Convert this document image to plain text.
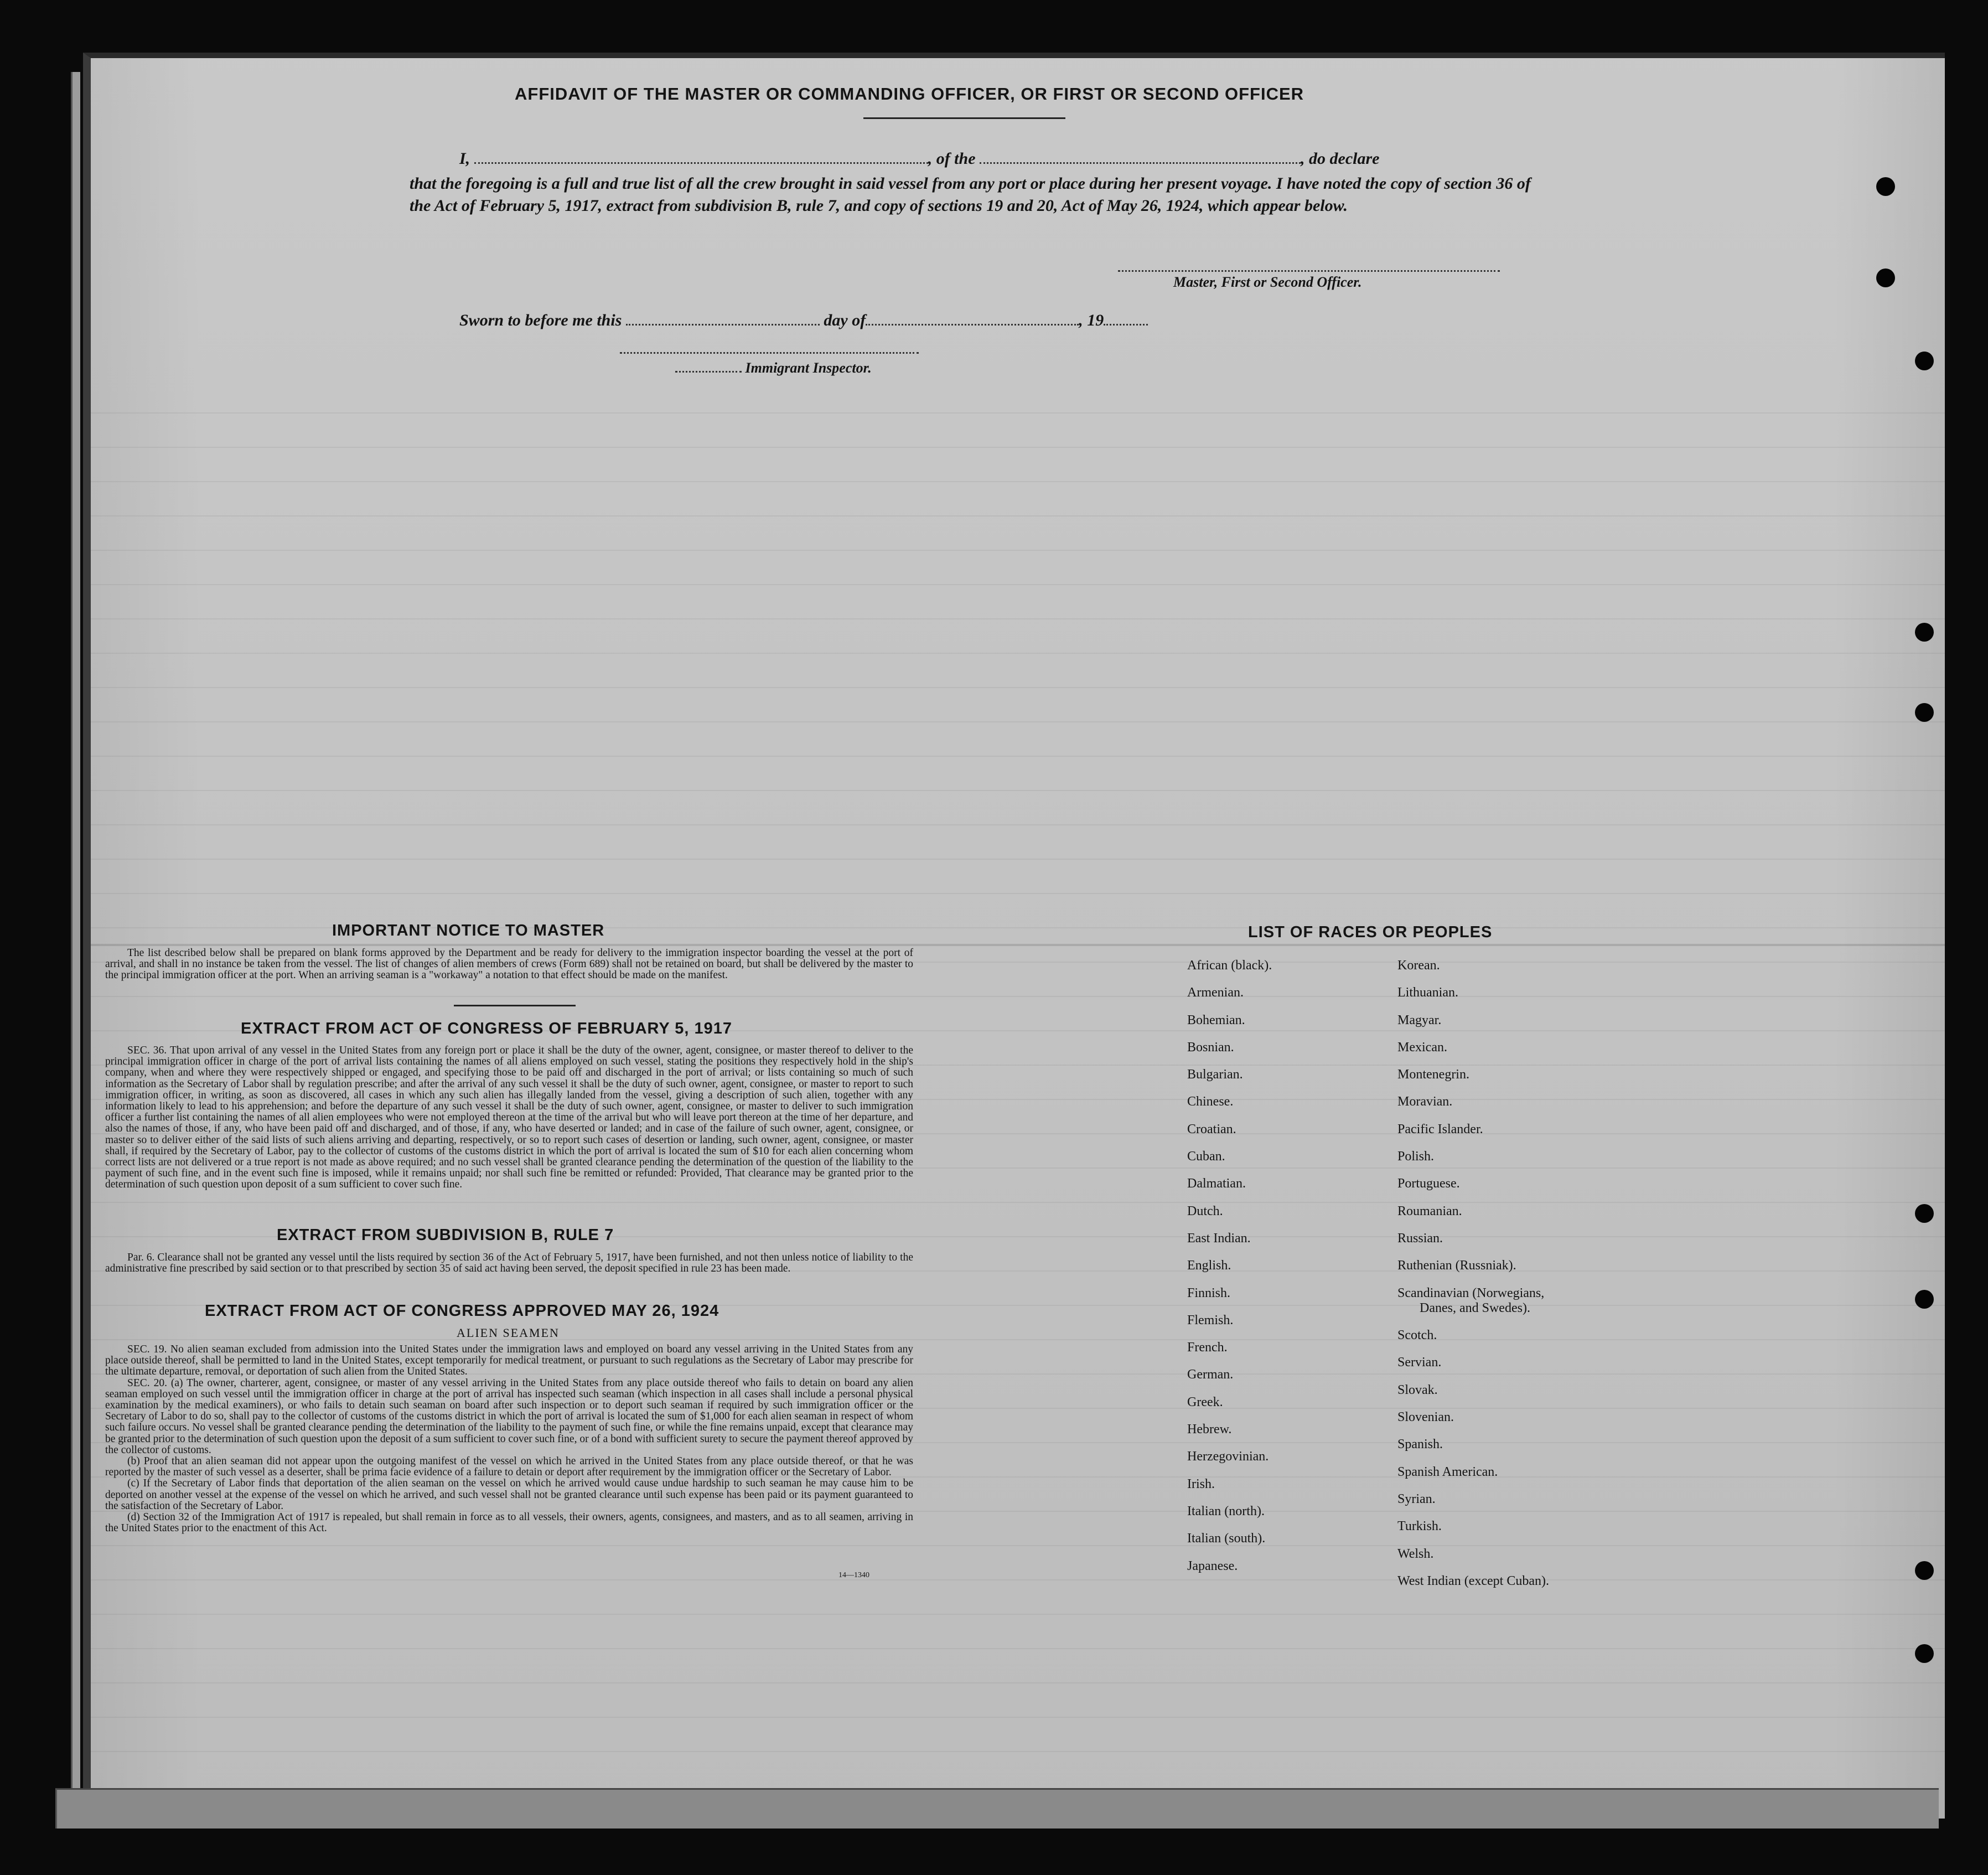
AFFIDAVIT OF THE MASTER OR COMMANDING OFFICER, OR FIRST OR SECOND OFFICER
I,	, of the	, do declare
that the foregoing is a full and true list of all the crew brought in said vessel from any port or place during her present voyage. I have noted the copy of section 36 of the Act of February 5, 1917, extract from subdivision B, rule 7, and copy of sections 19 and 20, Act of May 26, 1924, which appear below.
Master, First or Second Officer.
Sworn to before me this	day of	, 19
Immigrant Inspector.
IMPORTANT NOTICE TO MASTER
The list described below shall be prepared on blank forms approved by the Department and be ready for delivery to the immigration inspector boarding the vessel at the port of arrival, and shall in no instance be taken from the vessel. The list of changes of alien members of crews (Form 689) shall not be retained on board, but shall be delivered by the master to the principal immigration officer at the port. When an arriving seaman is a "workaway" a notation to that effect should be made on the manifest.
EXTRACT FROM ACT OF CONGRESS OF FEBRUARY 5, 1917
SEC. 36. That upon arrival of any vessel in the United States from any foreign port or place it shall be the duty of the owner, agent, consignee, or master thereof to deliver to the principal immigration officer in charge of the port of arrival lists containing the names of all aliens employed on such vessel, stating the positions they respectively hold in the ship's company, when and where they were respectively shipped or engaged, and specifying those to be paid off and discharged in the port of arrival; or lists containing so much of such information as the Secretary of Labor shall by regulation prescribe; and after the arrival of any such vessel it shall be the duty of such owner, agent, consignee, or master to report to such immigration officer, in writing, as soon as discovered, all cases in which any such alien has illegally landed from the vessel, giving a description of such alien, together with any information likely to lead to his apprehension; and before the departure of any such vessel it shall be the duty of such owner, agent, consignee, or master to deliver to such immigration officer a further list containing the names of all alien employees who were not employed thereon at the time of the arrival but who will leave port thereon at the time of her departure, and also the names of those, if any, who have been paid off and discharged, and of those, if any, who have deserted or landed; and in case of the failure of such owner, agent, consignee, or master so to deliver either of the said lists of such aliens arriving and departing, respectively, or so to report such cases of desertion or landing, such owner, agent, consignee, or master shall, if required by the Secretary of Labor, pay to the collector of customs of the customs district in which the port of arrival is located the sum of $10 for each alien concerning whom correct lists are not delivered or a true report is not made as above required; and no such vessel shall be granted clearance pending the determination of the question of the liability to the payment of such fine, and in the event such fine is imposed, while it remains unpaid; nor shall such fine be remitted or refunded: Provided, That clearance may be granted prior to the determination of such question upon deposit of a sum sufficient to cover such fine.
EXTRACT FROM SUBDIVISION B, RULE 7
Par. 6. Clearance shall not be granted any vessel until the lists required by section 36 of the Act of February 5, 1917, have been furnished, and not then unless notice of liability to the administrative fine prescribed by said section or to that prescribed by section 35 of said act having been served, the deposit specified in rule 23 has been made.
EXTRACT FROM ACT OF CONGRESS APPROVED MAY 26, 1924
ALIEN SEAMEN

SEC. 19. No alien seaman excluded from admission into the United States under the immigration laws and employed on board any vessel arriving in the United States from any place outside thereof, shall be permitted to land in the United States, except temporarily for medical treatment, or pursuant to such regulations as the Secretary of Labor may prescribe for the ultimate departure, removal, or deportation of such alien from the United States.

SEC. 20. (a) The owner, charterer, agent, consignee, or master of any vessel arriving in the United States from any place outside thereof who fails to detain on board any alien seaman employed on such vessel until the immigration officer in charge at the port of arrival has inspected such seaman (which inspection in all cases shall include a personal physical examination by the medical examiners), or who fails to detain such seaman on board after such inspection or to deport such seaman if required by such immigration officer or the Secretary of Labor to do so, shall pay to the collector of customs of the customs district in which the port of arrival is located the sum of $1,000 for each alien seaman in respect of whom such failure occurs. No vessel shall be granted clearance pending the determination of the liability to the payment of such fine, or while the fine remains unpaid, except that clearance may be granted prior to the determination of such question upon the deposit of a sum sufficient to cover such fine, or of a bond with sufficient surety to secure the payment thereof approved by the collector of customs.

(b) Proof that an alien seaman did not appear upon the outgoing manifest of the vessel on which he arrived in the United States from any place outside thereof, or that he was reported by the master of such vessel as a deserter, shall be prima facie evidence of a failure to detain or deport after requirement by the immigration officer or the Secretary of Labor.

(c) If the Secretary of Labor finds that deportation of the alien seaman on the vessel on which he arrived would cause undue hardship to such seaman he may cause him to be deported on another vessel at the expense of the vessel on which he arrived, and such vessel shall not be granted clearance until such expense has been paid or its payment guaranteed to the satisfaction of the Secretary of Labor.

(d) Section 32 of the Immigration Act of 1917 is repealed, but shall remain in force as to all vessels, their owners, agents, consignees, and masters, and as to all seamen, arriving in the United States prior to the enactment of this Act.

14—1340
LIST OF RACES OR PEOPLES
African (black).
Armenian.
Bohemian.
Bosnian.
Bulgarian.
Chinese.
Croatian.
Cuban.
Dalmatian.
Dutch.
East Indian.
English.
Finnish.
Flemish.
French.
German.
Greek.
Hebrew.
Herzegovinian.
Irish.
Italian (north).
Italian (south).
Japanese.
Korean.
Lithuanian.
Magyar.
Mexican.
Montenegrin.
Moravian.
Pacific Islander.
Polish.
Portuguese.
Roumanian.
Russian.
Ruthenian (Russniak).
Scandinavian (Norwegians,
Danes, and Swedes).
Scotch.
Servian.
Slovak.
Slovenian.
Spanish.
Spanish American.
Syrian.
Turkish.
Welsh.
West Indian (except Cuban).
